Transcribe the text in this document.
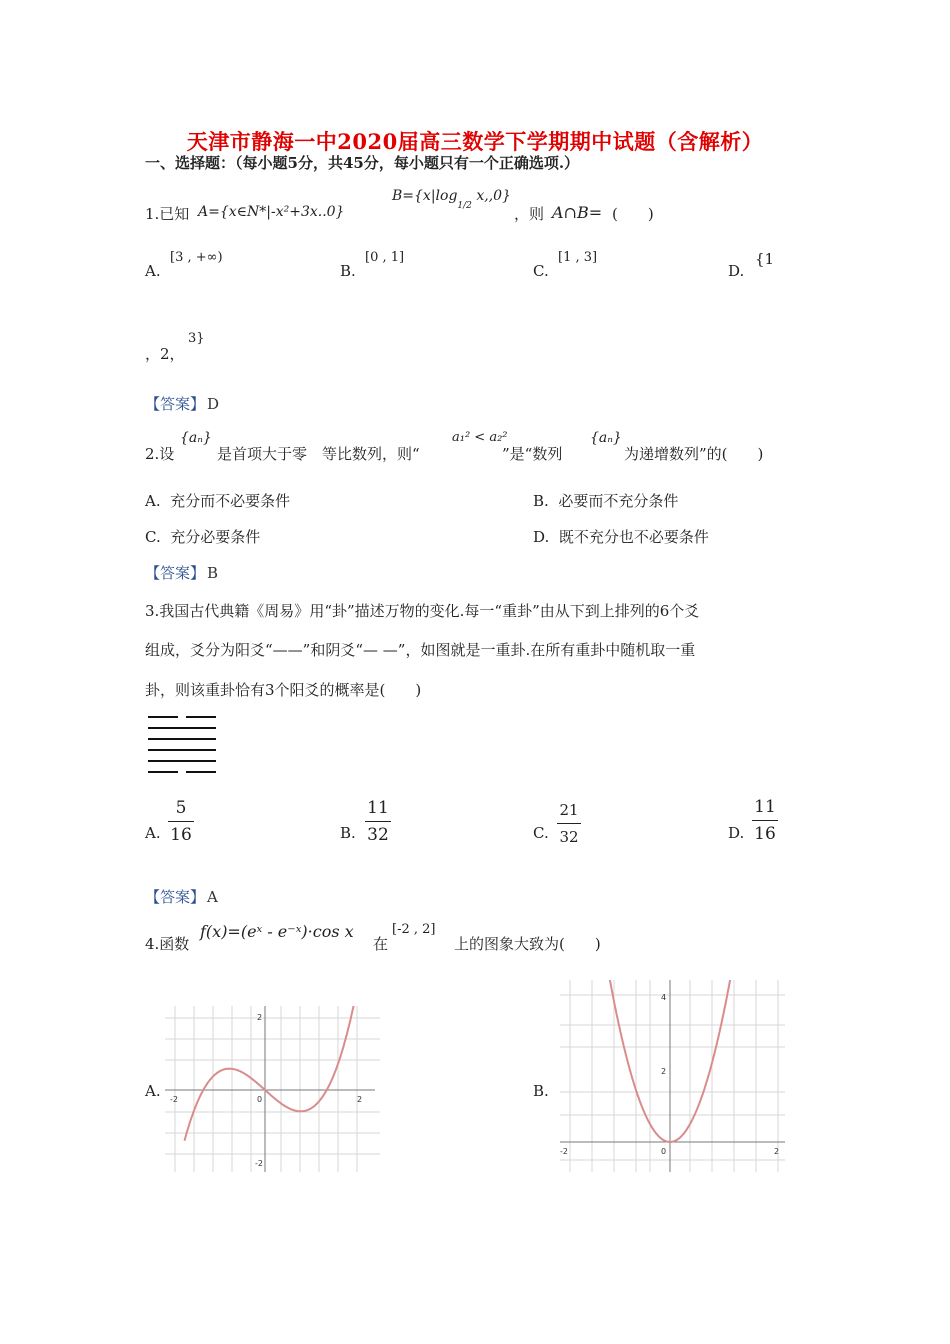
天津市静海一中2020届高三数学下学期期中试题（含解析）
一、选择题：（每小题5分，共45分，每小题只有一个正确选项.）
1.已知 A={x∈N*|-x²+3x..0}
$B=\{x|\log_{1/2}$ x,,0}
，则 A∩B= (　　)
A.
[3 , +∞)
B.
[0 , 1]
C.
[1 , 3]
D.
{1
，2，
3}
【答案】 D
2.设
{aₙ}
是首项大于零　等比数列，则“
a₁² < a₂²
”是“数列
{aₙ}
为递增数列”的(　　)
A. 充分而不必要条件	B. 必要而不充分条件
C. 充分必要条件	D. 既不充分也不必要条件
【答案】 B
3.我国古代典籍《周易》用“卦”描述万物的变化.每一“重卦”由从下到上排列的6个爻
组成，爻分为阳爻“——”和阴爻“— —”，如图就是一重卦.在所有重卦中随机取一重
卦，则该重卦恰有3个阳爻的概率是(　　)
A.
5
16	B.
11
32	C.
21
32	D.
11
16
【答案】 A
4.函数
f(x)=(eˣ - e⁻ˣ)·cos x
在
[-2 , 2]
上的图象大致为(　　)
A. -2	0	2
2
-2
B.
-2	0	2
4
2
